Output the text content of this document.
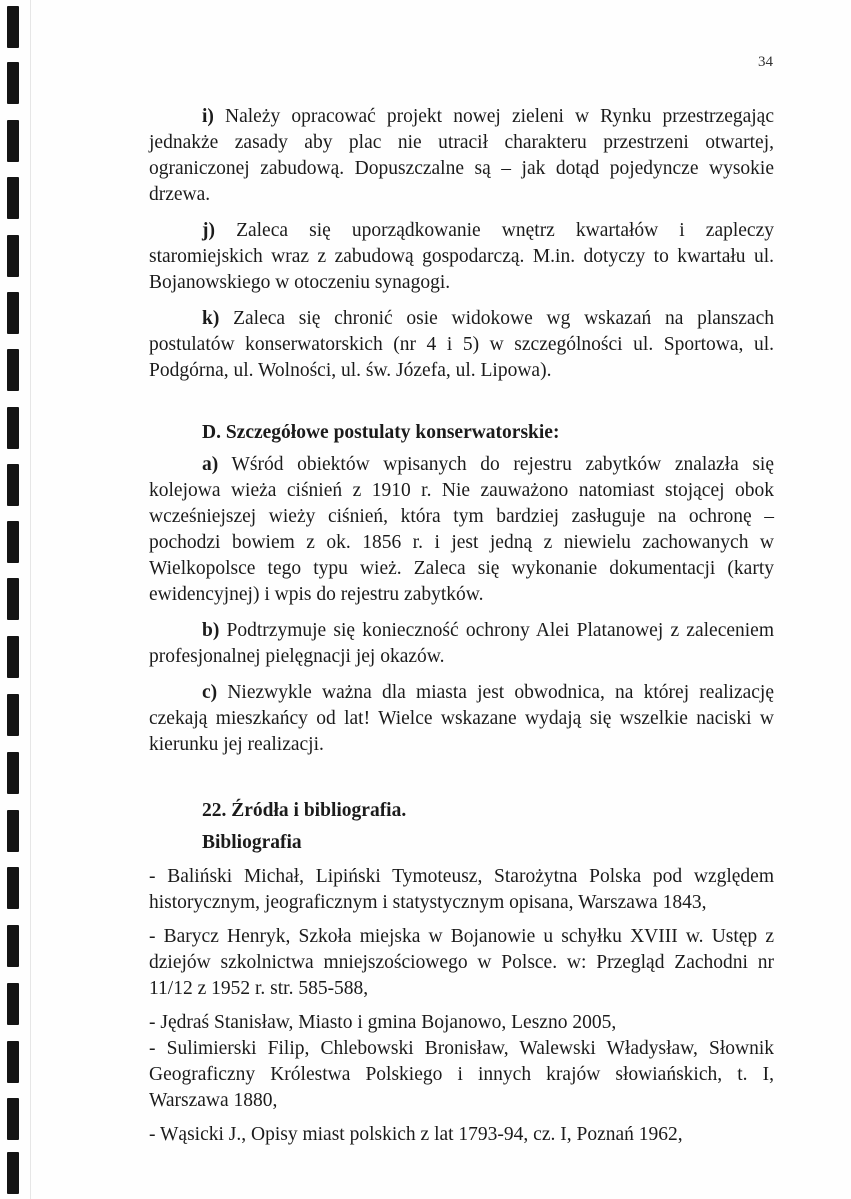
34

i) Należy opracować projekt nowej zieleni w Rynku przestrzegając jednakże zasady aby plac nie utracił charakteru przestrzeni otwartej, ograniczonej zabudową. Dopuszczalne są – jak dotąd pojedyncze wysokie drzewa.

j) Zaleca się uporządkowanie wnętrz kwartałów i zapleczy staromiejskich wraz z zabudową gospodarczą. M.in. dotyczy to kwartału ul. Bojanowskiego w otoczeniu synagogi.

k) Zaleca się chronić osie widokowe wg wskazań na planszach postulatów konserwatorskich (nr 4 i 5) w szczególności ul. Sportowa, ul. Podgórna, ul. Wolności, ul. św. Józefa, ul. Lipowa).

D. Szczegółowe postulaty konserwatorskie:

a) Wśród obiektów wpisanych do rejestru zabytków znalazła się kolejowa wieża ciśnień z 1910 r. Nie zauważono natomiast stojącej obok wcześniejszej wieży ciśnień, która tym bardziej zasługuje na ochronę – pochodzi bowiem z ok. 1856 r. i jest jedną z niewielu zachowanych w Wielkopolsce tego typu wież. Zaleca się wykonanie dokumentacji (karty ewidencyjnej) i wpis do rejestru zabytków.

b) Podtrzymuje się konieczność ochrony Alei Platanowej z zaleceniem profesjonalnej pielęgnacji jej okazów.

c) Niezwykle ważna dla miasta jest obwodnica, na której realizację czekają mieszkańcy od lat! Wielce wskazane wydają się wszelkie naciski w kierunku jej realizacji.

22. Źródła i bibliografia.

Bibliografia

- Baliński Michał, Lipiński Tymoteusz, Starożytna Polska pod względem historycznym, jeograficznym i statystycznym opisana, Warszawa 1843,

- Barycz Henryk, Szkoła miejska w Bojanowie u schyłku XVIII w. Ustęp z dziejów szkolnictwa mniejszościowego w Polsce. w: Przegląd Zachodni nr 11/12 z 1952 r. str. 585-588,

- Jędraś Stanisław, Miasto i gmina Bojanowo, Leszno 2005,

- Sulimierski Filip, Chlebowski Bronisław, Walewski Władysław, Słownik Geograficzny Królestwa Polskiego i innych krajów słowiańskich, t. I, Warszawa 1880,

- Wąsicki J., Opisy miast polskich z lat 1793-94, cz. I, Poznań 1962,
